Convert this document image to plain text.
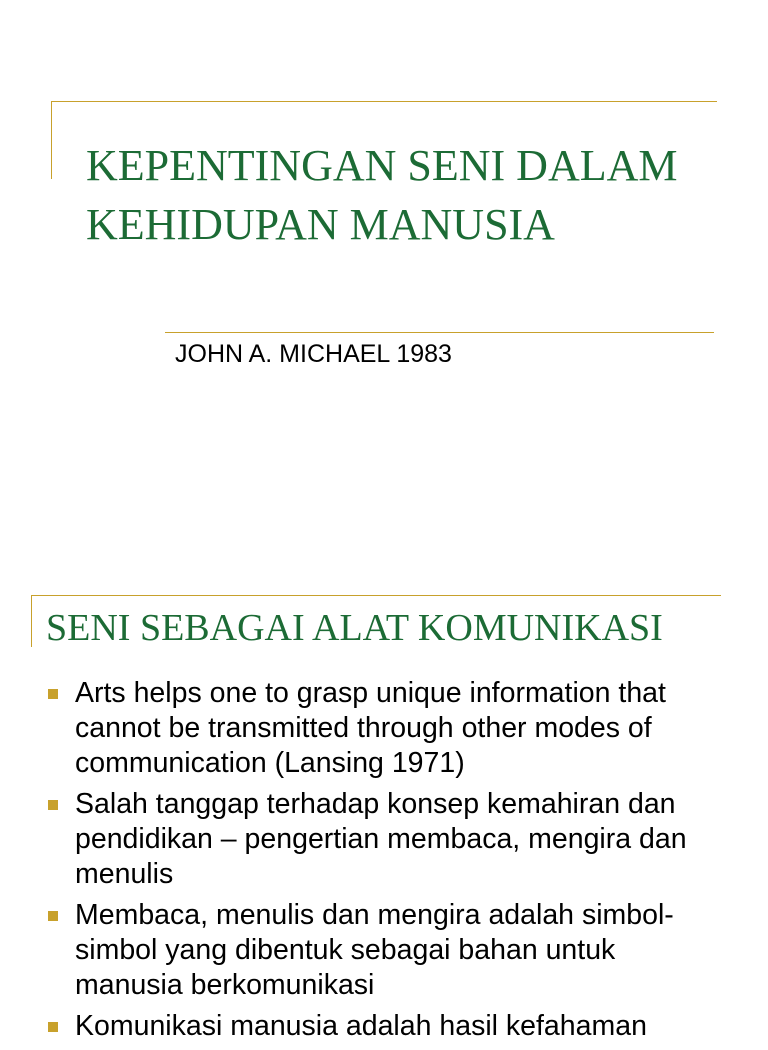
KEPENTINGAN SENI DALAM KEHIDUPAN MANUSIA
JOHN A. MICHAEL 1983
SENI SEBAGAI ALAT KOMUNIKASI
Arts helps one to grasp unique information that cannot be transmitted through other modes of communication (Lansing 1971)
Salah tanggap terhadap konsep kemahiran dan pendidikan – pengertian membaca, mengira dan menulis
Membaca, menulis dan mengira adalah simbol-simbol yang dibentuk sebagai bahan untuk manusia berkomunikasi
Komunikasi manusia adalah hasil kefahaman
